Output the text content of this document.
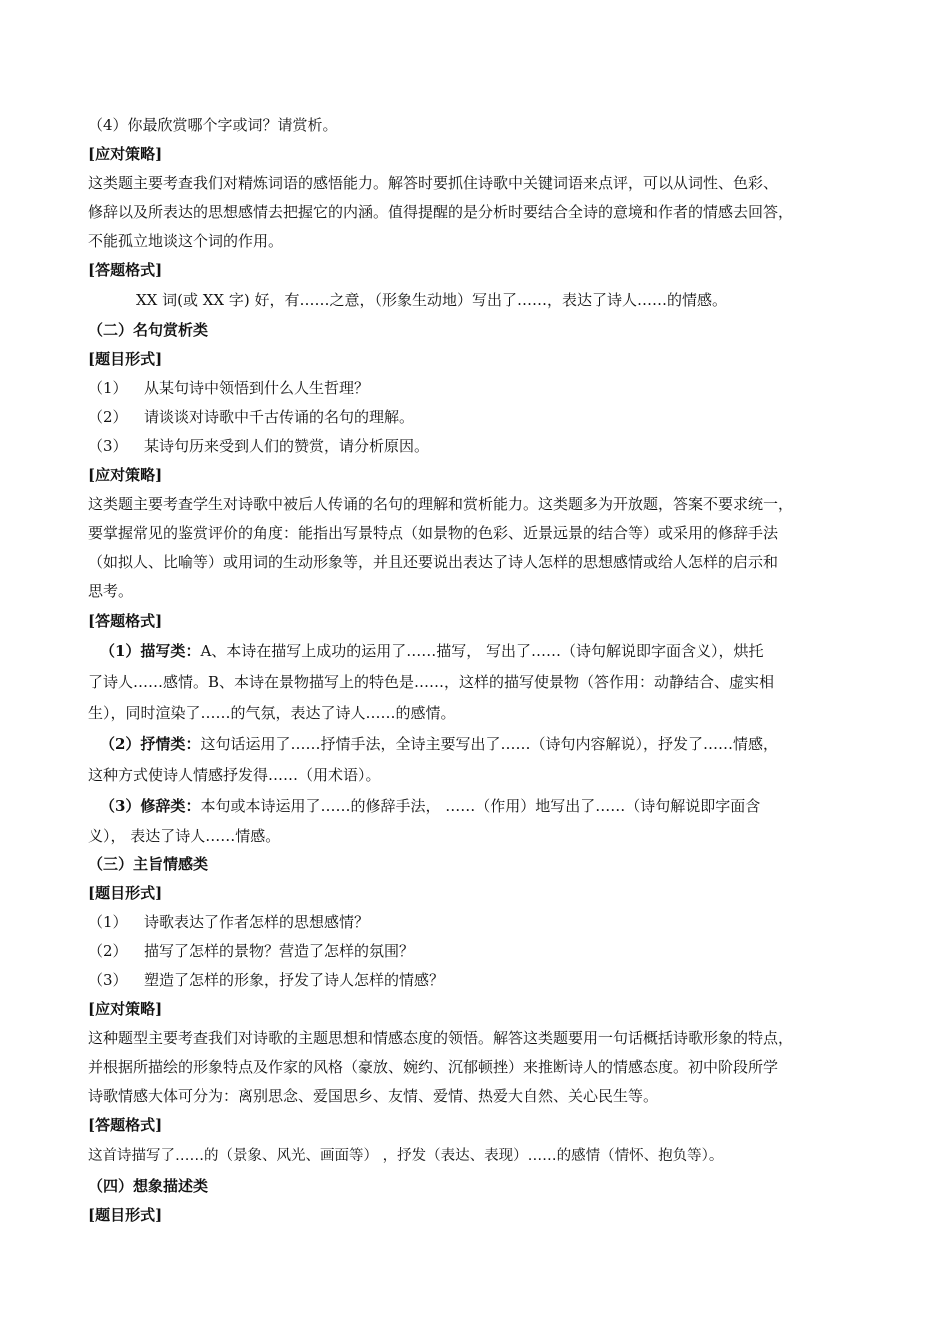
（4）你最欣赏哪个字或词？请赏析。
[应对策略]
这类题主要考查我们对精炼词语的感悟能力。解答时要抓住诗歌中关键词语来点评，可以从词性、色彩、
修辞以及所表达的思想感情去把握它的内涵。值得提醒的是分析时要结合全诗的意境和作者的情感去回答，
不能孤立地谈这个词的作用。
[答题格式]
XX 词(或 XX 字) 好，有……之意，（形象生动地）写出了……，表达了诗人……的情感。
（二）名句赏析类
[题目形式]
（1） 从某句诗中领悟到什么人生哲理？
（2） 请谈谈对诗歌中千古传诵的名句的理解。
（3） 某诗句历来受到人们的赞赏，请分析原因。
[应对策略]
这类题主要考查学生对诗歌中被后人传诵的名句的理解和赏析能力。这类题多为开放题，答案不要求统一，
要掌握常见的鉴赏评价的角度：能指出写景特点（如景物的色彩、近景远景的结合等）或采用的修辞手法
（如拟人、比喻等）或用词的生动形象等，并且还要说出表达了诗人怎样的思想感情或给人怎样的启示和
思考。
[答题格式]
（1）描写类：A、本诗在描写上成功的运用了……描写， 写出了……（诗句解说即字面含义），烘托
了诗人……感情。B、本诗在景物描写上的特色是……，这样的描写使景物（答作用：动静结合、虚实相
生），同时渲染了……的气氛，表达了诗人……的感情。
（2）抒情类：这句话运用了……抒情手法，全诗主要写出了……（诗句内容解说），抒发了……情感，
这种方式使诗人情感抒发得……（用术语）。
（3）修辞类：本句或本诗运用了……的修辞手法， ……（作用）地写出了……（诗句解说即字面含
义）， 表达了诗人……情感。
（三）主旨情感类
[题目形式]
（1） 诗歌表达了作者怎样的思想感情？
（2） 描写了怎样的景物？营造了怎样的氛围？
（3） 塑造了怎样的形象，抒发了诗人怎样的情感？
[应对策略]
这种题型主要考查我们对诗歌的主题思想和情感态度的领悟。解答这类题要用一句话概括诗歌形象的特点，
并根据所描绘的形象特点及作家的风格（豪放、婉约、沉郁顿挫）来推断诗人的情感态度。初中阶段所学
诗歌情感大体可分为：离别思念、爱国思乡、友情、爱情、热爱大自然、关心民生等。
[答题格式]
这首诗描写了……的（景象、风光、画面等） ，抒发（表达、表现）……的感情（情怀、抱负等）。
（四）想象描述类
[题目形式]
